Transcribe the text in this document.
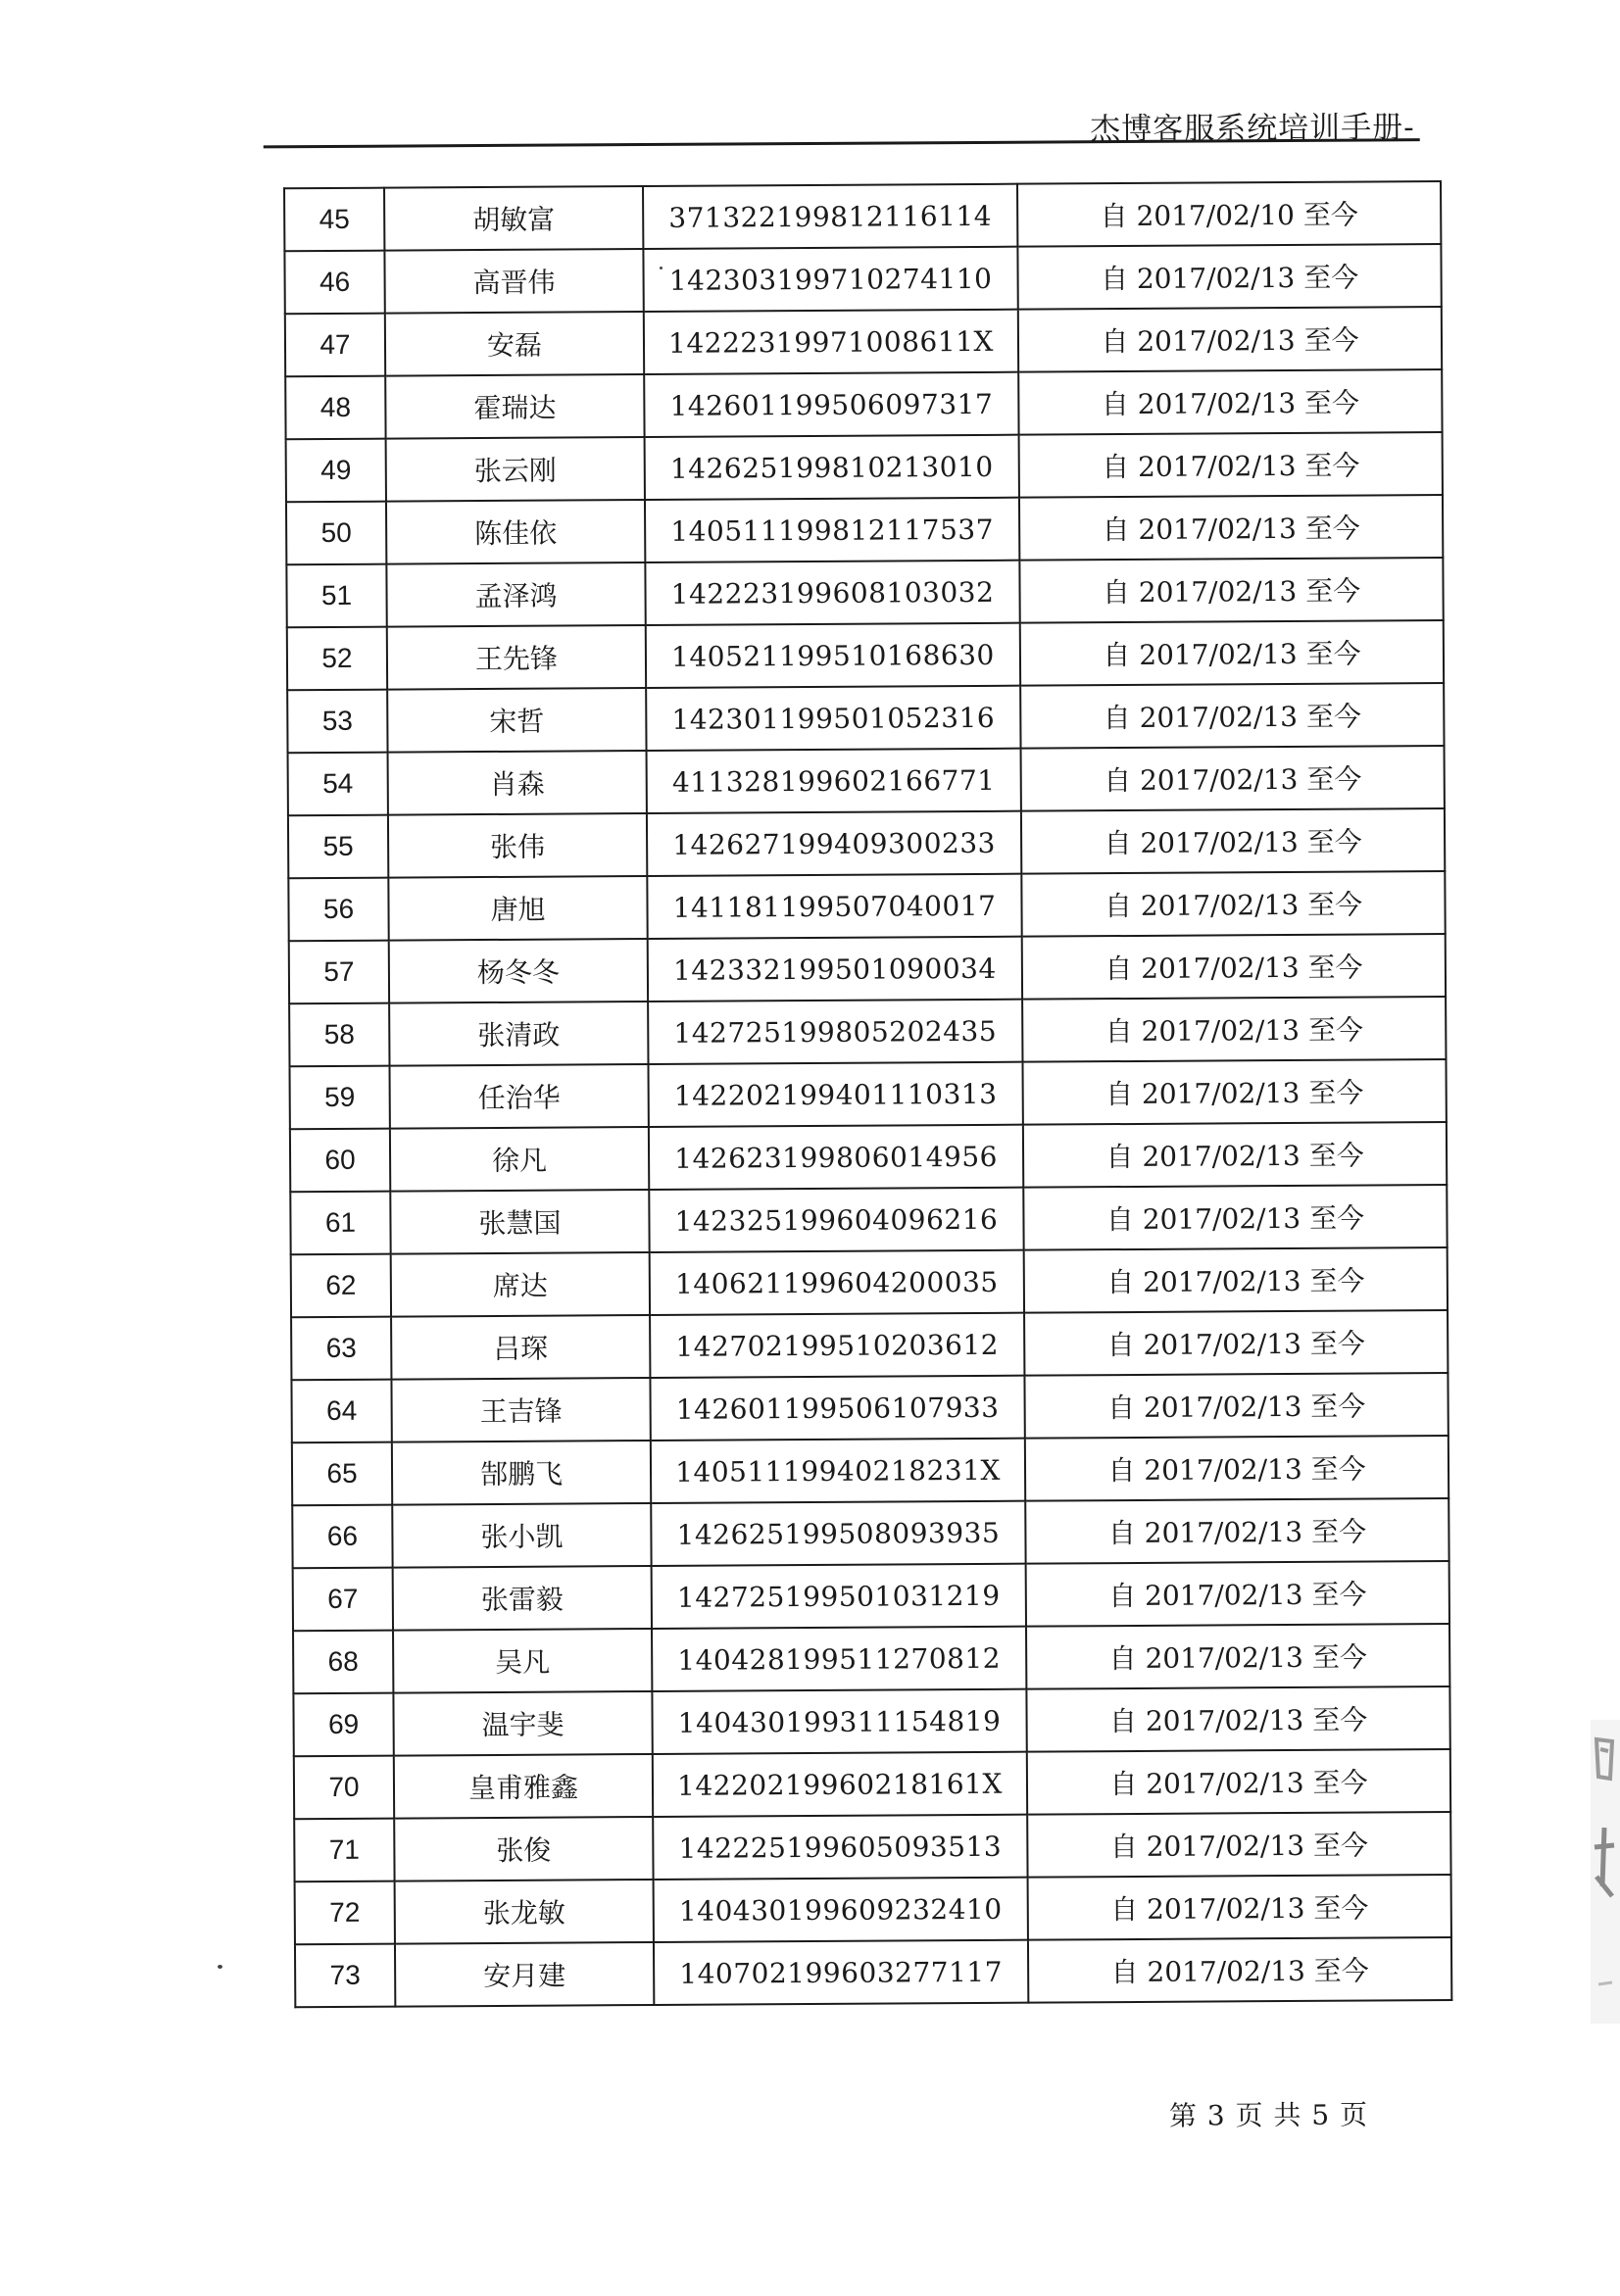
杰博客服系统培训手册-
45	胡敏富	371322199812116114	自 2017/02/10 至今
46	高晋伟	142303199710274110	自 2017/02/13 至今
47	安磊	14222319971008611X	自 2017/02/13 至今
48	霍瑞达	142601199506097317	自 2017/02/13 至今
49	张云刚	142625199810213010	自 2017/02/13 至今
50	陈佳依	140511199812117537	自 2017/02/13 至今
51	孟泽鸿	142223199608103032	自 2017/02/13 至今
52	王先锋	140521199510168630	自 2017/02/13 至今
53	宋哲	142301199501052316	自 2017/02/13 至今
54	肖森	411328199602166771	自 2017/02/13 至今
55	张伟	142627199409300233	自 2017/02/13 至今
56	唐旭	141181199507040017	自 2017/02/13 至今
57	杨冬冬	142332199501090034	自 2017/02/13 至今
58	张清政	142725199805202435	自 2017/02/13 至今
59	任治华	142202199401110313	自 2017/02/13 至今
60	徐凡	142623199806014956	自 2017/02/13 至今
61	张慧国	142325199604096216	自 2017/02/13 至今
62	席达	140621199604200035	自 2017/02/13 至今
63	吕琛	142702199510203612	自 2017/02/13 至今
64	王吉锋	142601199506107933	自 2017/02/13 至今
65	郜鹏飞	14051119940218231X	自 2017/02/13 至今
66	张小凯	142625199508093935	自 2017/02/13 至今
67	张雷毅	142725199501031219	自 2017/02/13 至今
68	吴凡	140428199511270812	自 2017/02/13 至今
69	温宇斐	140430199311154819	自 2017/02/13 至今
70	皇甫雅鑫	14220219960218161X	自 2017/02/13 至今
71	张俊	142225199605093513	自 2017/02/13 至今
72	张龙敏	140430199609232410	自 2017/02/13 至今
73	安月建	140702199603277117	自 2017/02/13 至今
第 3 页 共 5 页
